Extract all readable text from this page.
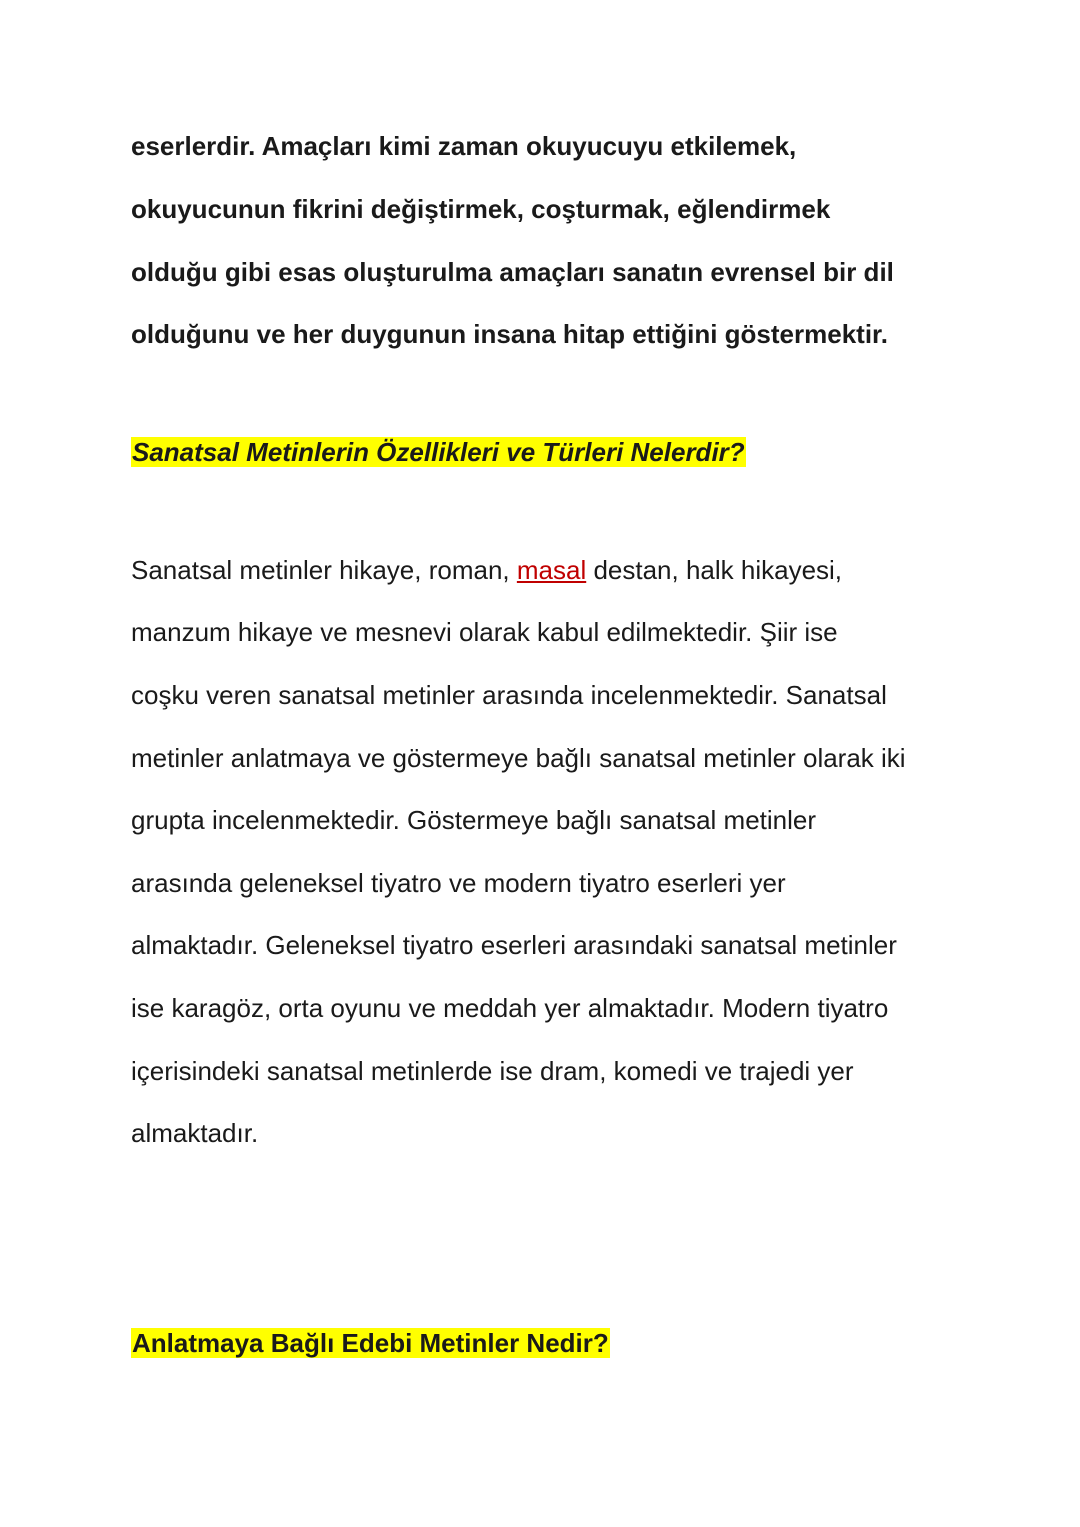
eserlerdir. Amaçları kimi zaman okuyucuyu etkilemek,
okuyucunun fikrini değiştirmek, coşturmak, eğlendirmek
olduğu gibi esas oluşturulma amaçları sanatın evrensel bir dil
olduğunu ve her duygunun insana hitap ettiğini göstermektir.
Sanatsal Metinlerin Özellikleri ve Türleri Nelerdir?
Sanatsal metinler hikaye, roman, masal destan, halk hikayesi,
manzum hikaye ve mesnevi olarak kabul edilmektedir. Şiir ise
coşku veren sanatsal metinler arasında incelenmektedir. Sanatsal
metinler anlatmaya ve göstermeye bağlı sanatsal metinler olarak iki
grupta incelenmektedir. Göstermeye bağlı sanatsal metinler
arasında geleneksel tiyatro ve modern tiyatro eserleri yer
almaktadır. Geleneksel tiyatro eserleri arasındaki sanatsal metinler
ise karagöz, orta oyunu ve meddah yer almaktadır. Modern tiyatro
içerisindeki sanatsal metinlerde ise dram, komedi ve trajedi yer
almaktadır.
Anlatmaya Bağlı Edebi Metinler Nedir?
